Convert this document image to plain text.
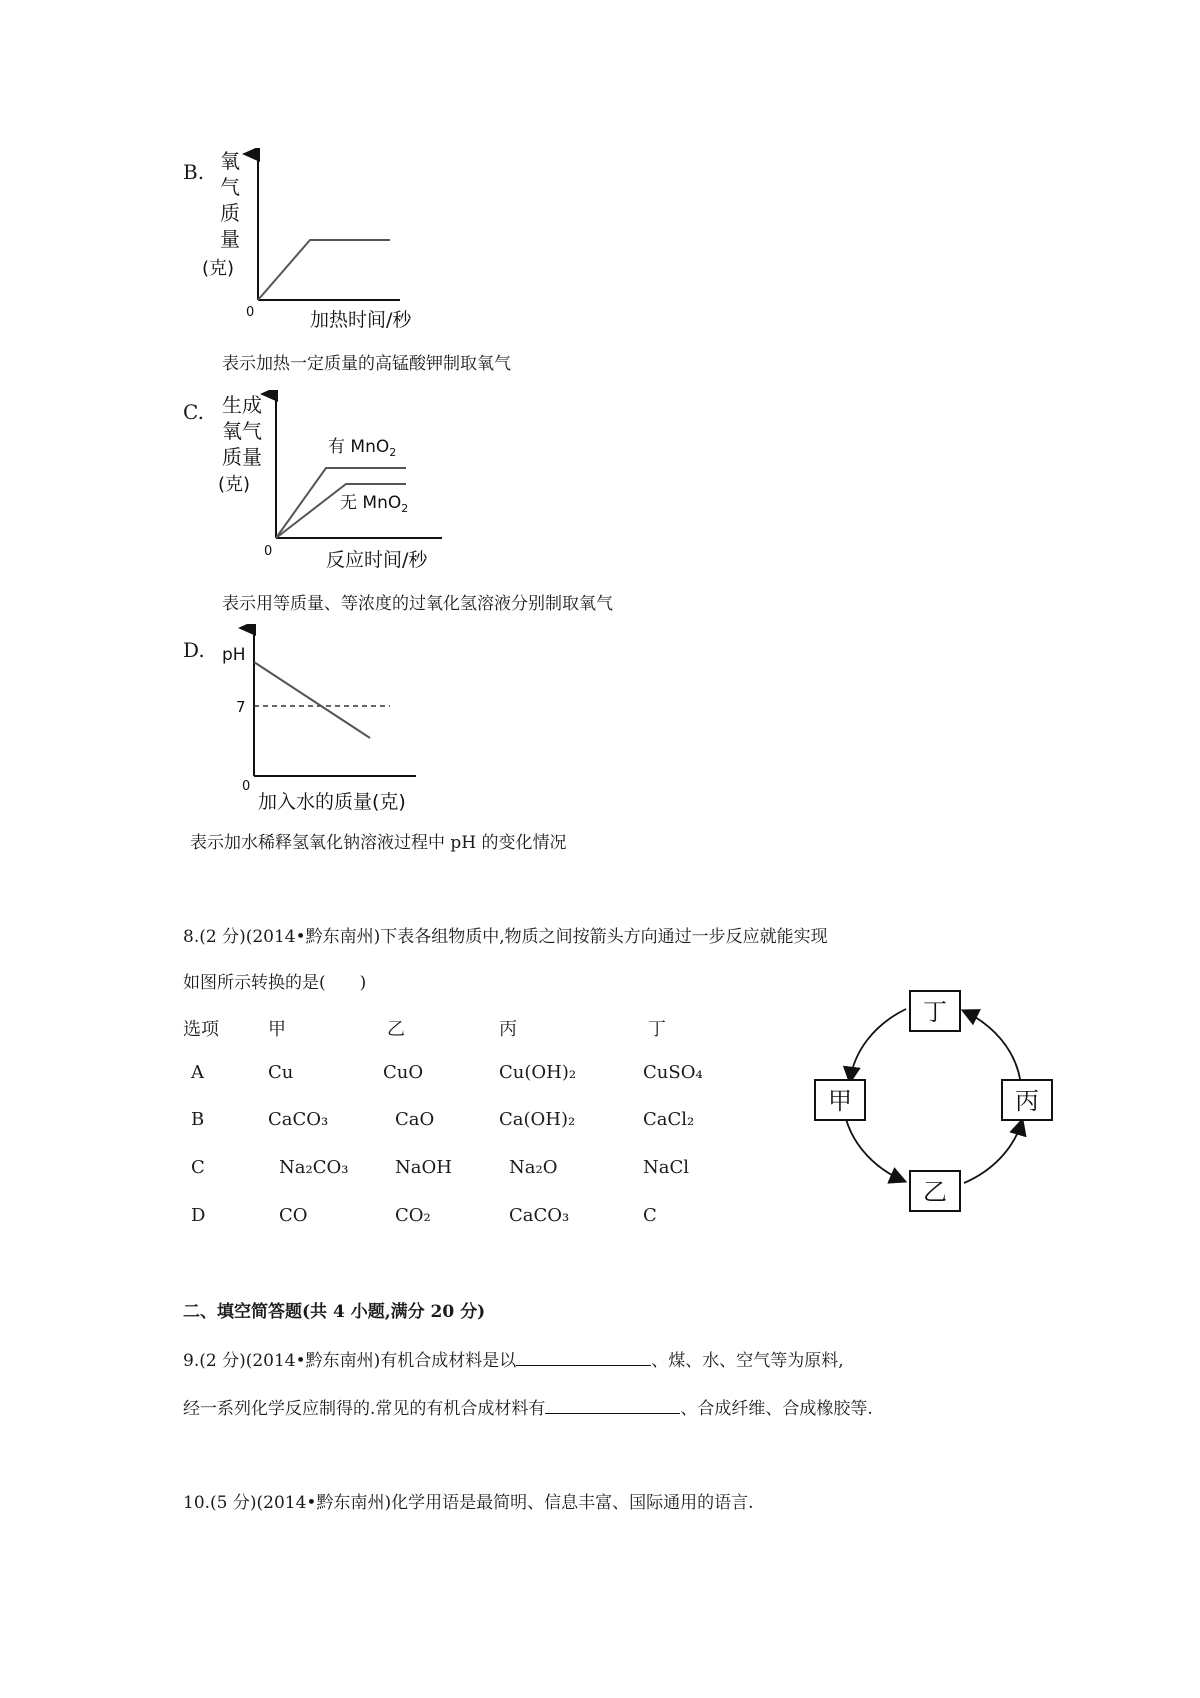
B. 氧
气
质
量
(克)
0	加热时间/秒
表示加热一定质量的高锰酸钾制取氧气
C. 生成
氧气
质量
(克)
有 MnO$_2$
无 MnO$_2$
0	反应时间/秒
表示用等质量、等浓度的过氧化氢溶液分别制取氧气
D. pH
7
0
加入水的质量(克)
表示加水稀释氢氧化钠溶液过程中 pH 的变化情况
8.(2 分)(2014•黔东南州)下表各组物质中,物质之间按箭头方向通过一步反应就能实现
如图所示转换的是(　　)
选项	甲	乙	丙	丁
A	Cu	CuO	Cu(OH)₂	CuSO₄
B	CaCO₃	CaO	Ca(OH)₂	CaCl₂
C	Na₂CO₃	NaOH	Na₂O	NaCl
D	CO	CO₂	CaCO₃	C
丁
甲	丙
乙
二、填空简答题(共 4 小题,满分 20 分)
9.(2 分)(2014•黔东南州)有机合成材料是以	、煤、水、空气等为原料,
经一系列化学反应制得的.常见的有机合成材料有	、合成纤维、合成橡胶等.
10.(5 分)(2014•黔东南州)化学用语是最简明、信息丰富、国际通用的语言.
